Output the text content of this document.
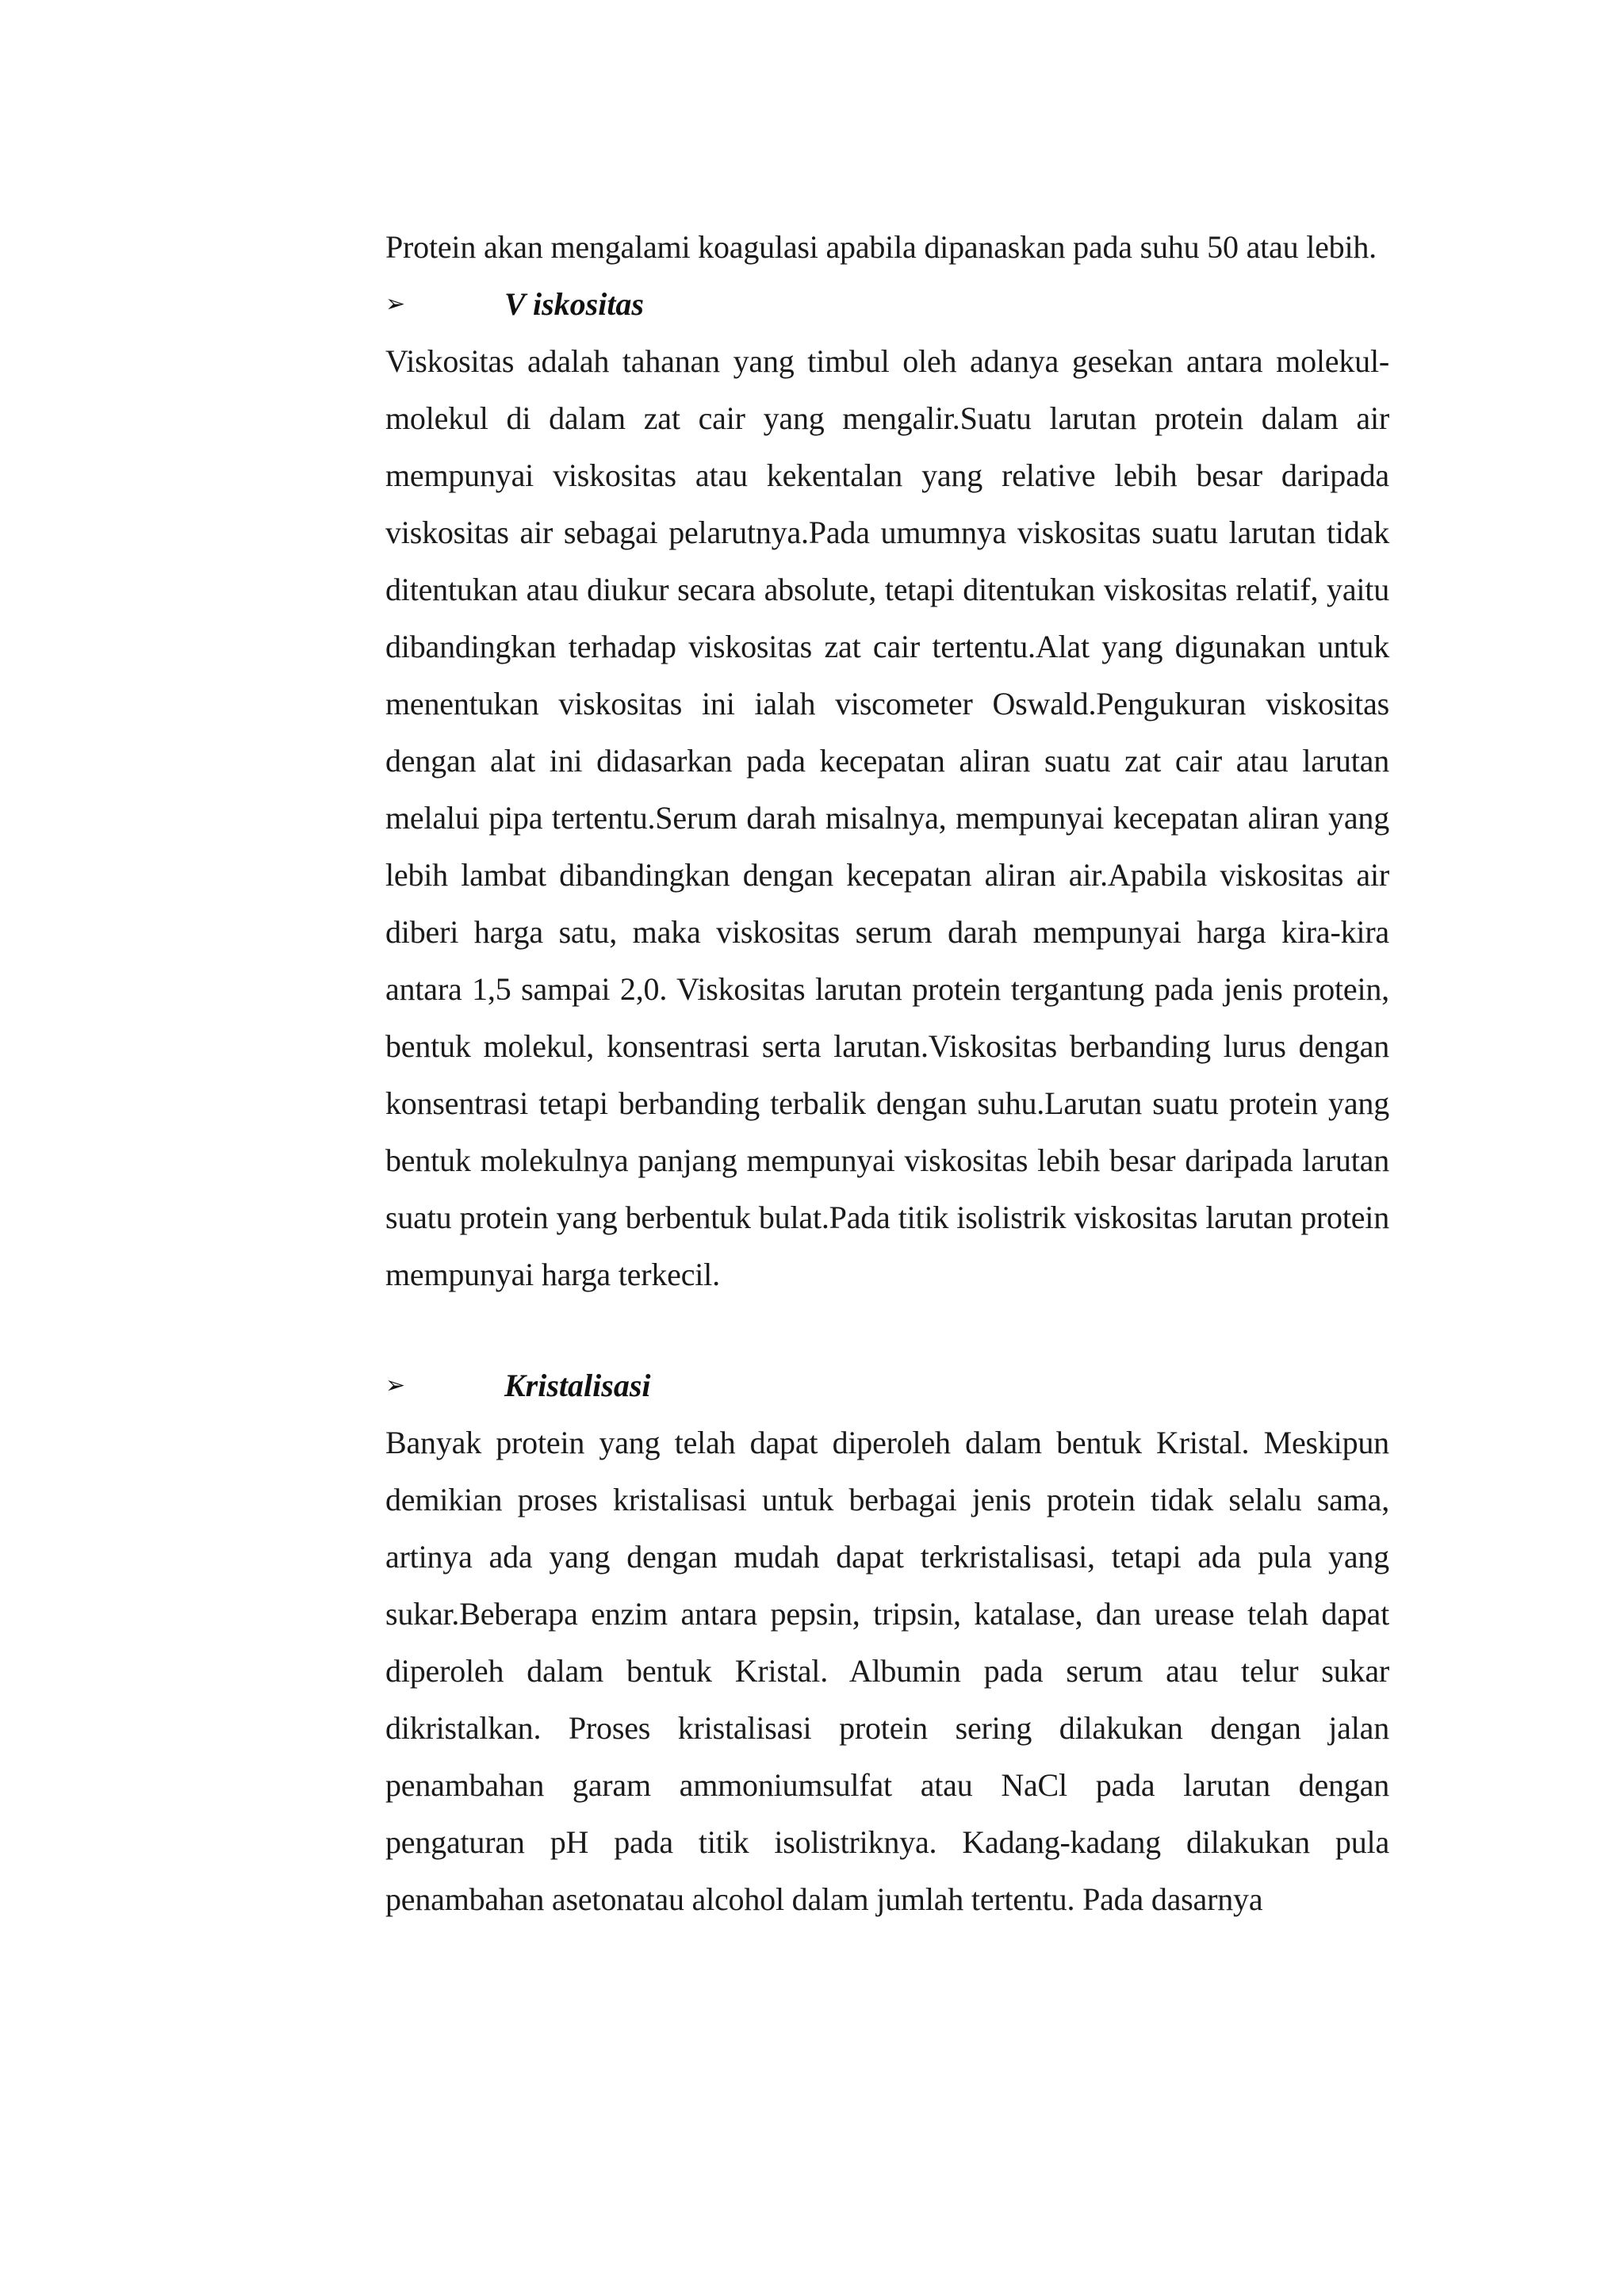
Protein akan mengalami koagulasi apabila dipanaskan pada suhu 50 atau lebih.

➢	V iskositas

Viskositas adalah tahanan yang timbul oleh adanya gesekan antara molekul-molekul di dalam zat cair yang mengalir.Suatu larutan protein dalam air mempunyai viskositas atau kekentalan yang relative lebih besar daripada viskositas air sebagai pelarutnya.Pada umumnya viskositas suatu larutan tidak ditentukan atau diukur secara absolute, tetapi ditentukan viskositas relatif, yaitu dibandingkan terhadap viskositas zat cair tertentu.Alat yang digunakan untuk menentukan viskositas ini ialah viscometer Oswald.Pengukuran viskositas dengan alat ini didasarkan pada kecepatan aliran suatu zat cair atau larutan melalui pipa tertentu.Serum darah misalnya, mempunyai kecepatan aliran yang lebih lambat dibandingkan dengan kecepatan aliran air.Apabila viskositas air diberi harga satu, maka viskositas serum darah mempunyai harga kira-kira antara 1,5 sampai 2,0. Viskositas larutan protein tergantung pada jenis protein, bentuk molekul, konsentrasi serta larutan.Viskositas berbanding lurus dengan konsentrasi tetapi berbanding terbalik dengan suhu.Larutan suatu protein yang bentuk molekulnya panjang mempunyai viskositas lebih besar daripada larutan suatu protein yang berbentuk bulat.Pada titik isolistrik viskositas larutan protein mempunyai harga terkecil.

➢	Kristalisasi

Banyak protein yang telah dapat diperoleh dalam bentuk Kristal. Meskipun demikian proses kristalisasi untuk berbagai jenis protein tidak selalu sama, artinya ada yang dengan mudah dapat terkristalisasi, tetapi ada pula yang sukar.Beberapa enzim antara pepsin, tripsin, katalase, dan urease telah dapat diperoleh dalam bentuk Kristal. Albumin pada serum atau telur sukar dikristalkan. Proses kristalisasi protein sering dilakukan dengan jalan penambahan garam ammoniumsulfat atau NaCl pada larutan dengan pengaturan pH pada titik isolistriknya. Kadang-kadang dilakukan pula penambahan asetonatau alcohol dalam jumlah tertentu. Pada dasarnya
